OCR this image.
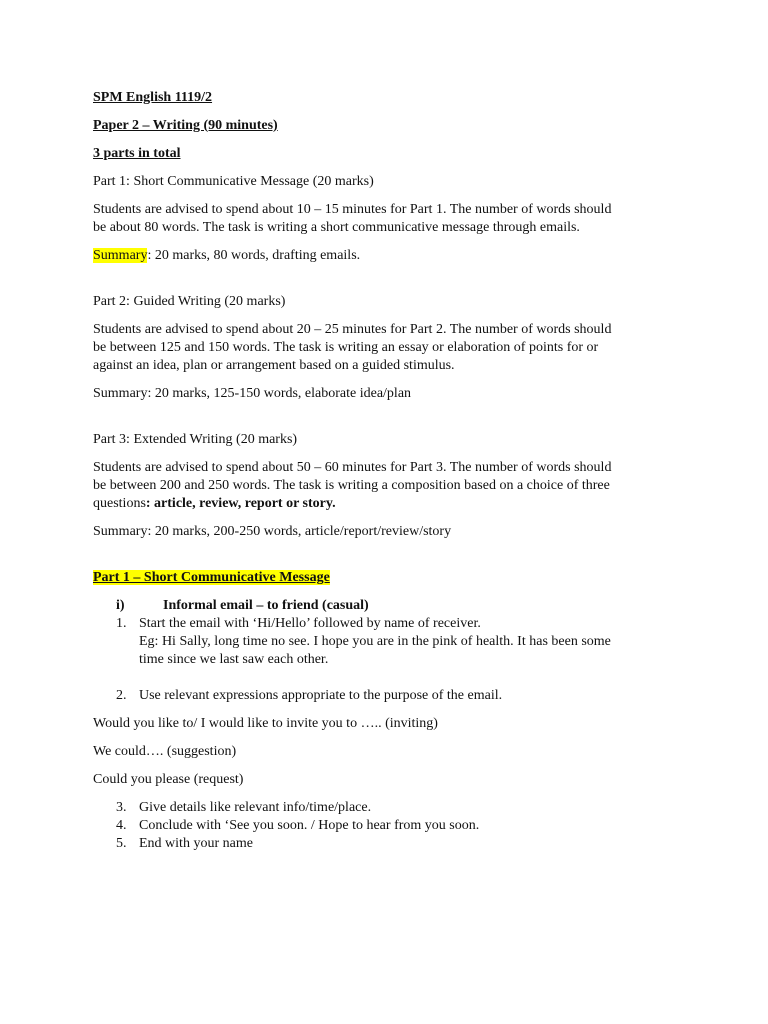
SPM English 1119/2
Paper 2 – Writing (90 minutes)
3 parts in total
Part 1: Short Communicative Message (20 marks)
Students are advised to spend about 10 – 15 minutes for Part 1. The number of words should
be about 80 words. The task is writing a short communicative message through emails.
Summary: 20 marks, 80 words, drafting emails.
Part 2: Guided Writing (20 marks)
Students are advised to spend about 20 – 25 minutes for Part 2. The number of words should
be between 125 and 150 words. The task is writing an essay or elaboration of points for or
against an idea, plan or arrangement based on a guided stimulus.
Summary: 20 marks, 125-150 words, elaborate idea/plan
Part 3: Extended Writing (20 marks)
Students are advised to spend about 50 – 60 minutes for Part 3. The number of words should
be between 200 and 250 words. The task is writing a composition based on a choice of three
questions: article, review, report or story.
Summary: 20 marks, 200-250 words, article/report/review/story
Part 1 – Short Communicative Message
i)	Informal email – to friend (casual)
1. Start the email with ‘Hi/Hello’ followed by name of receiver.
Eg: Hi Sally, long time no see. I hope you are in the pink of health. It has been some
time since we last saw each other.
2. Use relevant expressions appropriate to the purpose of the email.
Would you like to/ I would like to invite you to ….. (inviting)
We could…. (suggestion)
Could you please (request)
3. Give details like relevant info/time/place.
4. Conclude with ‘See you soon. / Hope to hear from you soon.
5. End with your name
